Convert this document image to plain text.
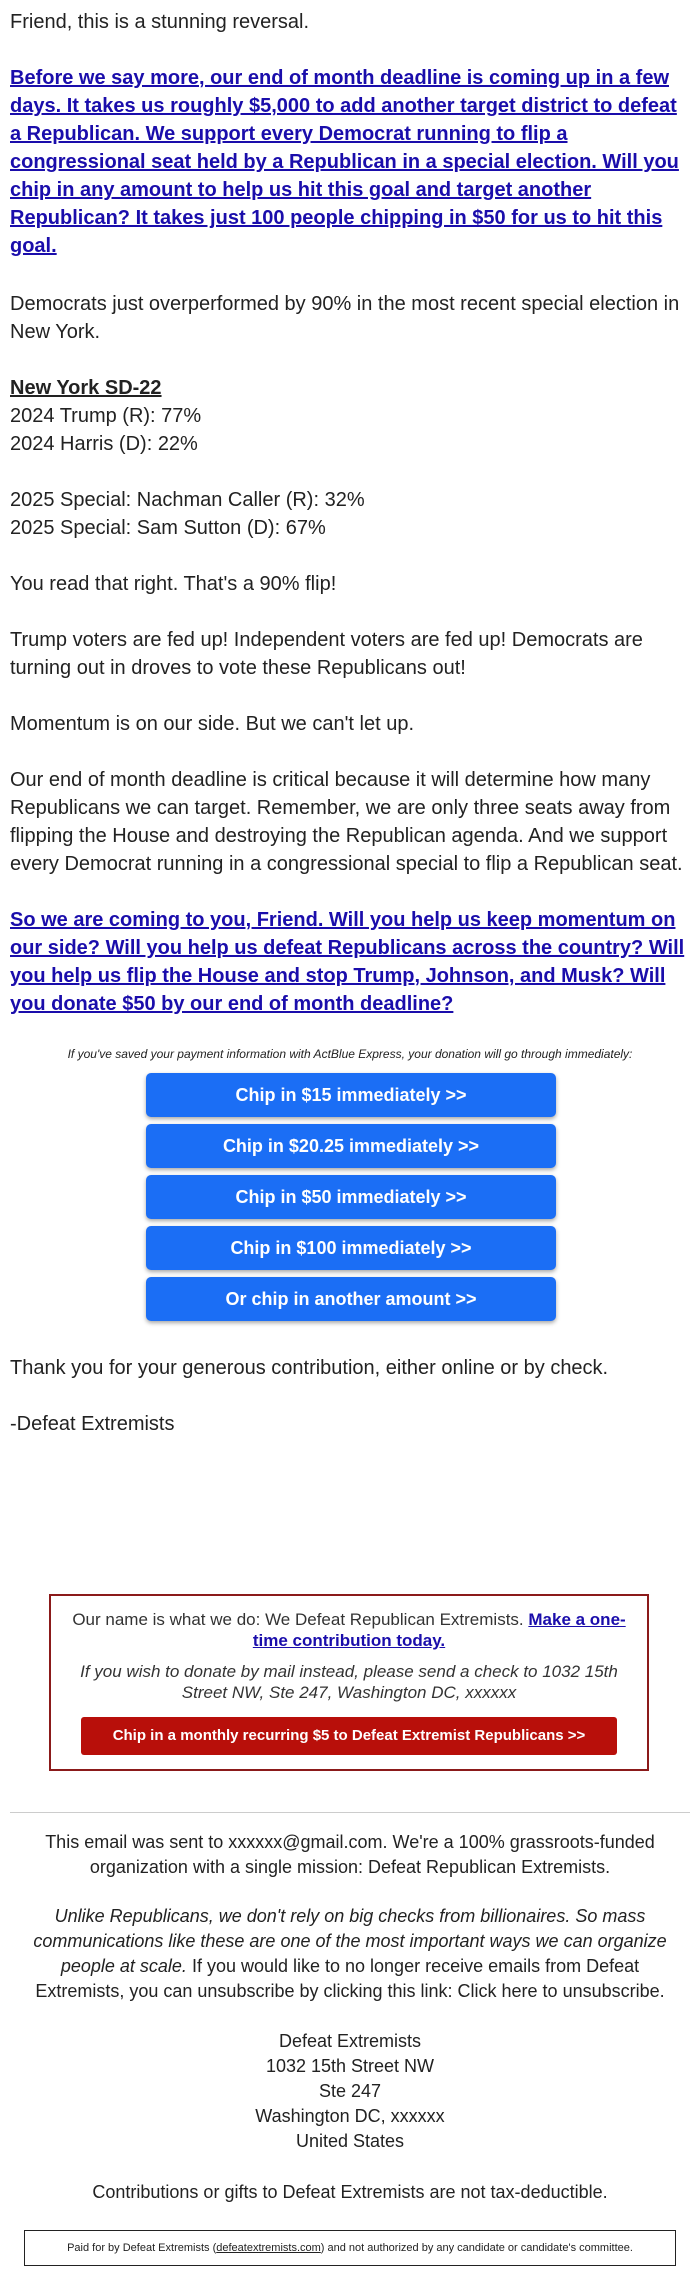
Friend, this is a stunning reversal.

Before we say more, our end of month deadline is coming up in a few days. It takes us roughly $5,000 to add another target district to defeat a Republican. We support every Democrat running to flip a congressional seat held by a Republican in a special election. Will you chip in any amount to help us hit this goal and target another Republican? It takes just 100 people chipping in $50 for us to hit this goal.

Democrats just overperformed by 90% in the most recent special election in New York.

New York SD-22
2024 Trump (R): 77%
2024 Harris (D): 22%
2025 Special: Nachman Caller (R): 32%
2025 Special: Sam Sutton (D): 67%

You read that right. That's a 90% flip!

Trump voters are fed up! Independent voters are fed up! Democrats are turning out in droves to vote these Republicans out!

Momentum is on our side. But we can't let up.

Our end of month deadline is critical because it will determine how many Republicans we can target. Remember, we are only three seats away from flipping the House and destroying the Republican agenda. And we support every Democrat running in a congressional special to flip a Republican seat.

So we are coming to you, Friend. Will you help us keep momentum on our side? Will you help us defeat Republicans across the country? Will you help us flip the House and stop Trump, Johnson, and Musk? Will you donate $50 by our end of month deadline?

If you've saved your payment information with ActBlue Express, your donation will go through immediately:
Chip in $15 immediately >>
Chip in $20.25 immediately >>
Chip in $50 immediately >>
Chip in $100 immediately >>
Or chip in another amount >>

Thank you for your generous contribution, either online or by check.

-Defeat Extremists

Our name is what we do: We Defeat Republican Extremists. Make a one-time contribution today.
If you wish to donate by mail instead, please send a check to 1032 15th Street NW, Ste 247, Washington DC, xxxxxx
Chip in a monthly recurring $5 to Defeat Extremist Republicans >>
This email was sent to xxxxxx@gmail.com. We're a 100% grassroots-funded organization with a single mission: Defeat Republican Extremists.
Unlike Republicans, we don't rely on big checks from billionaires. So mass communications like these are one of the most important ways we can organize people at scale. If you would like to no longer receive emails from Defeat Extremists, you can unsubscribe by clicking this link: Click here to unsubscribe.
Defeat Extremists
1032 15th Street NW
Ste 247
Washington DC, xxxxxx
United States
Contributions or gifts to Defeat Extremists are not tax-deductible.
Paid for by Defeat Extremists (defeatextremists.com) and not authorized by any candidate or candidate's committee.
